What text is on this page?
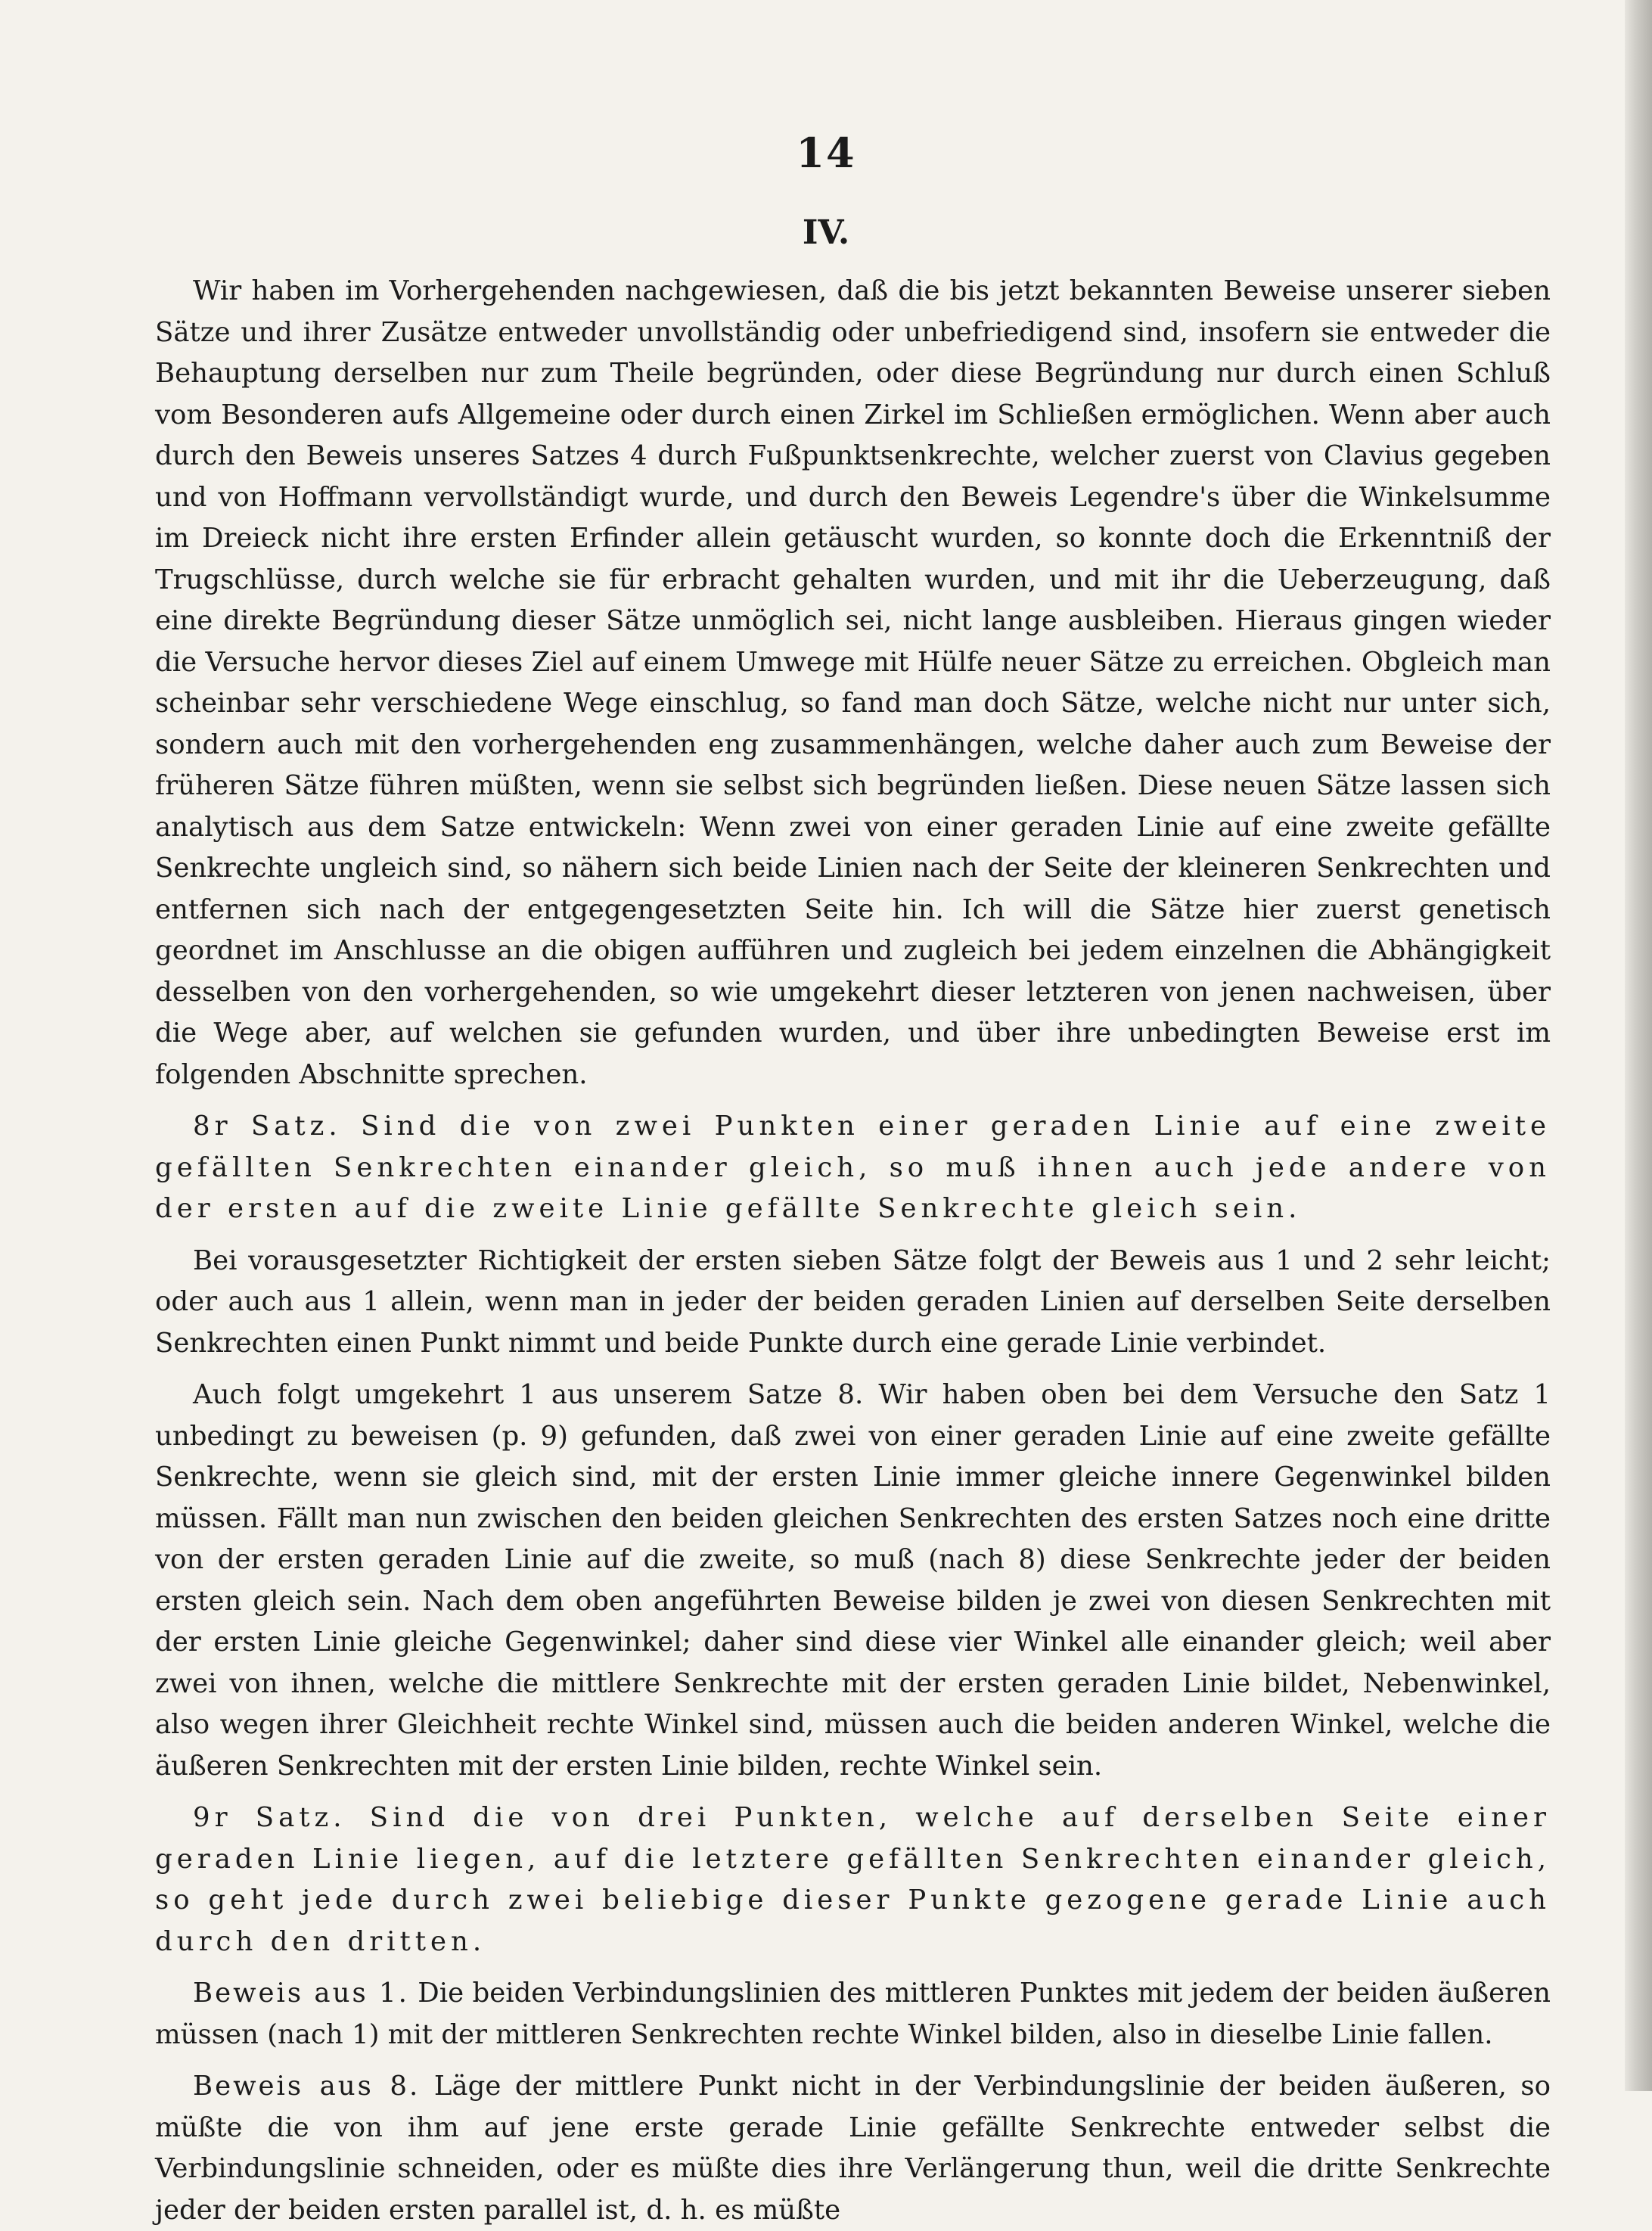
14
IV.

Wir haben im Vorhergehenden nachgewiesen, daß die bis jetzt bekannten Beweise unserer sieben Sätze und ihrer Zusätze entweder unvollständig oder unbefriedigend sind, insofern sie entweder die Behauptung derselben nur zum Theile begründen, oder diese Begründung nur durch einen Schluß vom Besonderen aufs Allgemeine oder durch einen Zirkel im Schließen ermöglichen. Wenn aber auch durch den Beweis unseres Satzes 4 durch Fußpunktsenkrechte, welcher zuerst von Clavius gegeben und von Hoffmann vervollständigt wurde, und durch den Beweis Legendre's über die Winkelsumme im Dreieck nicht ihre ersten Erfinder allein getäuscht wurden, so konnte doch die Erkenntniß der Trugschlüsse, durch welche sie für erbracht gehalten wurden, und mit ihr die Ueberzeugung, daß eine direkte Begründung dieser Sätze unmöglich sei, nicht lange ausbleiben. Hieraus gingen wieder die Versuche hervor dieses Ziel auf einem Umwege mit Hülfe neuer Sätze zu erreichen. Obgleich man scheinbar sehr verschiedene Wege einschlug, so fand man doch Sätze, welche nicht nur unter sich, sondern auch mit den vorhergehenden eng zusammenhängen, welche daher auch zum Beweise der früheren Sätze führen müßten, wenn sie selbst sich begründen ließen. Diese neuen Sätze lassen sich analytisch aus dem Satze entwickeln: Wenn zwei von einer geraden Linie auf eine zweite gefällte Senkrechte ungleich sind, so nähern sich beide Linien nach der Seite der kleineren Senkrechten und entfernen sich nach der entgegengesetzten Seite hin. Ich will die Sätze hier zuerst genetisch geordnet im Anschlusse an die obigen aufführen und zugleich bei jedem einzelnen die Abhängigkeit desselben von den vorhergehenden, so wie umgekehrt dieser letzteren von jenen nachweisen, über die Wege aber, auf welchen sie gefunden wurden, und über ihre unbedingten Beweise erst im folgenden Abschnitte sprechen.

8r Satz. Sind die von zwei Punkten einer geraden Linie auf eine zweite gefällten Senkrechten einander gleich, so muß ihnen auch jede andere von der ersten auf die zweite Linie gefällte Senkrechte gleich sein.

Bei vorausgesetzter Richtigkeit der ersten sieben Sätze folgt der Beweis aus 1 und 2 sehr leicht; oder auch aus 1 allein, wenn man in jeder der beiden geraden Linien auf derselben Seite derselben Senkrechten einen Punkt nimmt und beide Punkte durch eine gerade Linie verbindet.

Auch folgt umgekehrt 1 aus unserem Satze 8. Wir haben oben bei dem Versuche den Satz 1 unbedingt zu beweisen (p. 9) gefunden, daß zwei von einer geraden Linie auf eine zweite gefällte Senkrechte, wenn sie gleich sind, mit der ersten Linie immer gleiche innere Gegenwinkel bilden müssen. Fällt man nun zwischen den beiden gleichen Senkrechten des ersten Satzes noch eine dritte von der ersten geraden Linie auf die zweite, so muß (nach 8) diese Senkrechte jeder der beiden ersten gleich sein. Nach dem oben angeführten Beweise bilden je zwei von diesen Senkrechten mit der ersten Linie gleiche Gegenwinkel; daher sind diese vier Winkel alle einander gleich; weil aber zwei von ihnen, welche die mittlere Senkrechte mit der ersten geraden Linie bildet, Nebenwinkel, also wegen ihrer Gleichheit rechte Winkel sind, müssen auch die beiden anderen Winkel, welche die äußeren Senkrechten mit der ersten Linie bilden, rechte Winkel sein.

9r Satz. Sind die von drei Punkten, welche auf derselben Seite einer geraden Linie liegen, auf die letztere gefällten Senkrechten einander gleich, so geht jede durch zwei beliebige dieser Punkte gezogene gerade Linie auch durch den dritten.

Beweis aus 1. Die beiden Verbindungslinien des mittleren Punktes mit jedem der beiden äußeren müssen (nach 1) mit der mittleren Senkrechten rechte Winkel bilden, also in dieselbe Linie fallen.

Beweis aus 8. Läge der mittlere Punkt nicht in der Verbindungslinie der beiden äußeren, so müßte die von ihm auf jene erste gerade Linie gefällte Senkrechte entweder selbst die Verbindungslinie schneiden, oder es müßte dies ihre Verlängerung thun, weil die dritte Senkrechte jeder der beiden ersten parallel ist, d. h. es müßte
